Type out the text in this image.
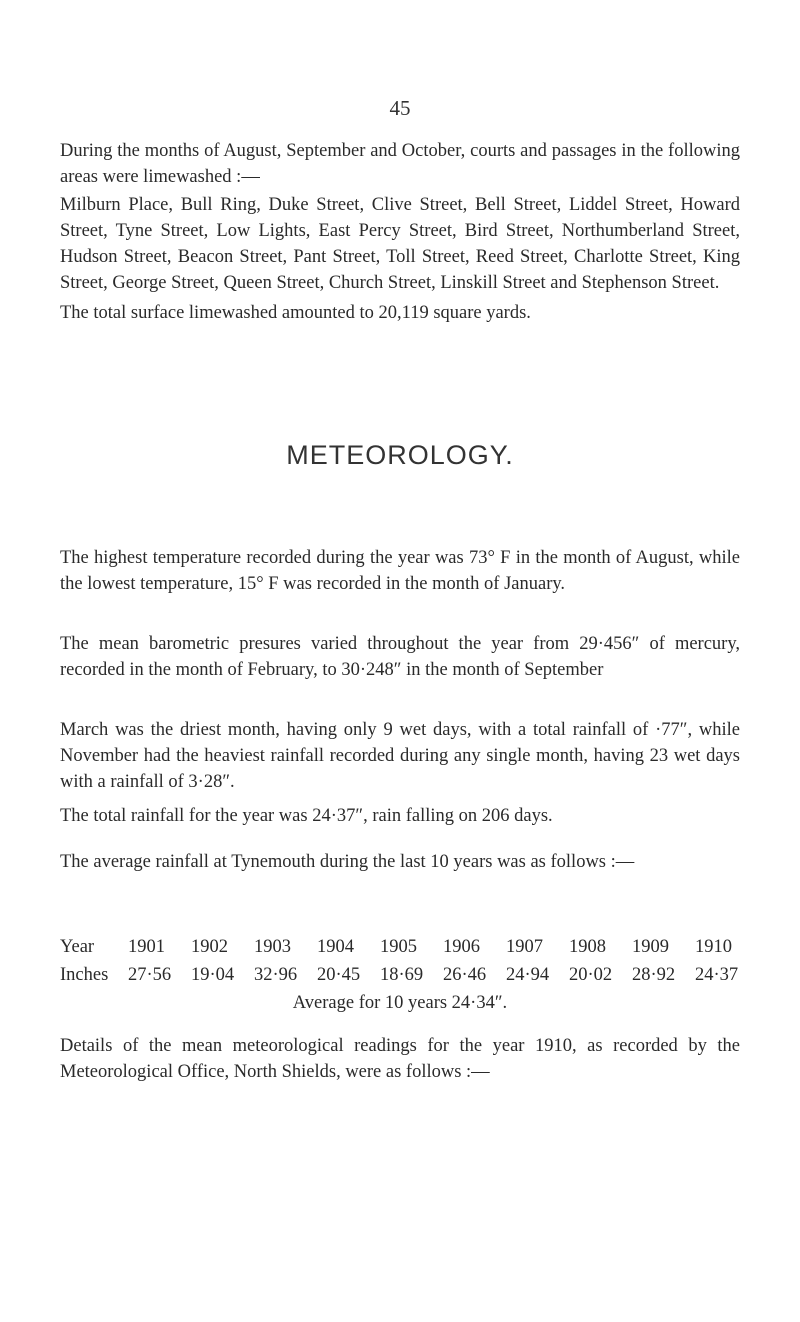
45

During the months of August, September and October, courts and passages in the following areas were limewashed :—

Milburn Place, Bull Ring, Duke Street, Clive Street, Bell Street, Liddel Street, Howard Street, Tyne Street, Low Lights, East Percy Street, Bird Street, Northumberland Street, Hudson Street, Beacon Street, Pant Street, Toll Street, Reed Street, Charlotte Street, King Street, George Street, Queen Street, Church Street, Linskill Street and Stephenson Street.

The total surface limewashed amounted to 20,119 square yards.

METEOROLOGY.

The highest temperature recorded during the year was 73° F in the month of August, while the lowest temperature, 15° F was recorded in the month of January.

The mean barometric presures varied throughout the year from 29·456″ of mercury, recorded in the month of February, to 30·248″ in the month of September

March was the driest month, having only 9 wet days, with a total rainfall of ·77″, while November had the heaviest rainfall recorded during any single month, having 23 wet days with a rainfall of 3·28″.

The total rainfall for the year was 24·37″, rain falling on 206 days.

The average rainfall at Tynemouth during the last 10 years was as follows :—

Year	1901	1902	1903	1904	1905	1906	1907	1908	1909	1910
Inches	27·56	19·04	32·96	20·45	18·69	26·46	24·94	20·02	28·92	24·37
Average for 10 years 24·34″.

Details of the mean meteorological readings for the year 1910, as recorded by the Meteorological Office, North Shields, were as follows :—
